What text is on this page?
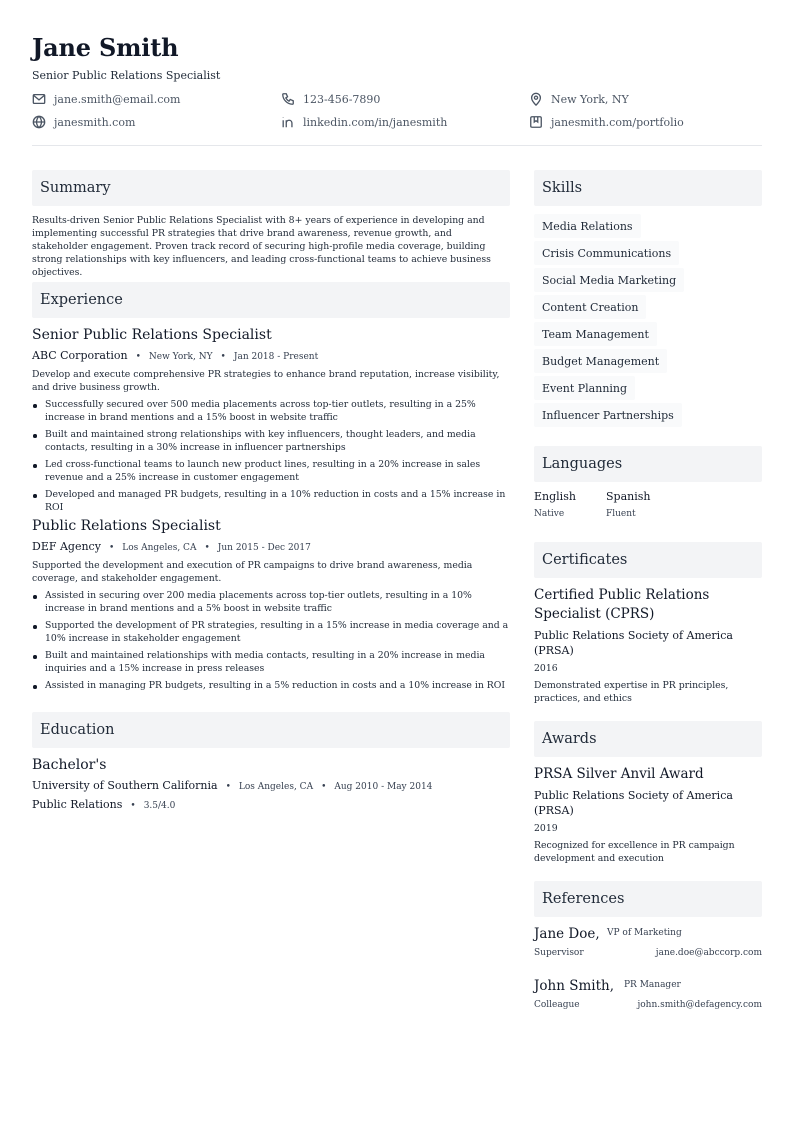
Jane Smith
Senior Public Relations Specialist
jane.smith@email.com	123-456-7890	New York, NY
janesmith.com	linkedin.com/in/janesmith	janesmith.com/portfolio
Summary
Results-driven Senior Public Relations Specialist with 8+ years of experience in developing and implementing successful PR strategies that drive brand awareness, revenue growth, and stakeholder engagement. Proven track record of securing high-profile media coverage, building strong relationships with key influencers, and leading cross-functional teams to achieve business objectives.
Experience
Senior Public Relations Specialist
ABC Corporation • New York, NY • Jan 2018 - Present
Develop and execute comprehensive PR strategies to enhance brand reputation, increase visibility, and drive business growth.
Successfully secured over 500 media placements across top-tier outlets, resulting in a 25% increase in brand mentions and a 15% boost in website traffic
Built and maintained strong relationships with key influencers, thought leaders, and media contacts, resulting in a 30% increase in influencer partnerships
Led cross-functional teams to launch new product lines, resulting in a 20% increase in sales revenue and a 25% increase in customer engagement
Developed and managed PR budgets, resulting in a 10% reduction in costs and a 15% increase in ROI
Public Relations Specialist
DEF Agency • Los Angeles, CA • Jun 2015 - Dec 2017
Supported the development and execution of PR campaigns to drive brand awareness, media coverage, and stakeholder engagement.
Assisted in securing over 200 media placements across top-tier outlets, resulting in a 10% increase in brand mentions and a 5% boost in website traffic
Supported the development of PR strategies, resulting in a 15% increase in media coverage and a 10% increase in stakeholder engagement
Built and maintained relationships with media contacts, resulting in a 20% increase in media inquiries and a 15% increase in press releases
Assisted in managing PR budgets, resulting in a 5% reduction in costs and a 10% increase in ROI
Education
Bachelor's
University of Southern California • Los Angeles, CA • Aug 2010 - May 2014
Public Relations • 3.5/4.0
Skills
Media Relations
Crisis Communications
Social Media Marketing
Content Creation
Team Management
Budget Management
Event Planning
Influencer Partnerships
Languages
English
Native
Spanish
Fluent
Certificates
Certified Public Relations Specialist (CPRS)
Public Relations Society of America (PRSA)
2016
Demonstrated expertise in PR principles, practices, and ethics
Awards
PRSA Silver Anvil Award
Public Relations Society of America (PRSA)
2019
Recognized for excellence in PR campaign development and execution
References
Jane Doe, VP of Marketing
Supervisor	jane.doe@abccorp.com
John Smith, PR Manager
Colleague	john.smith@defagency.com
